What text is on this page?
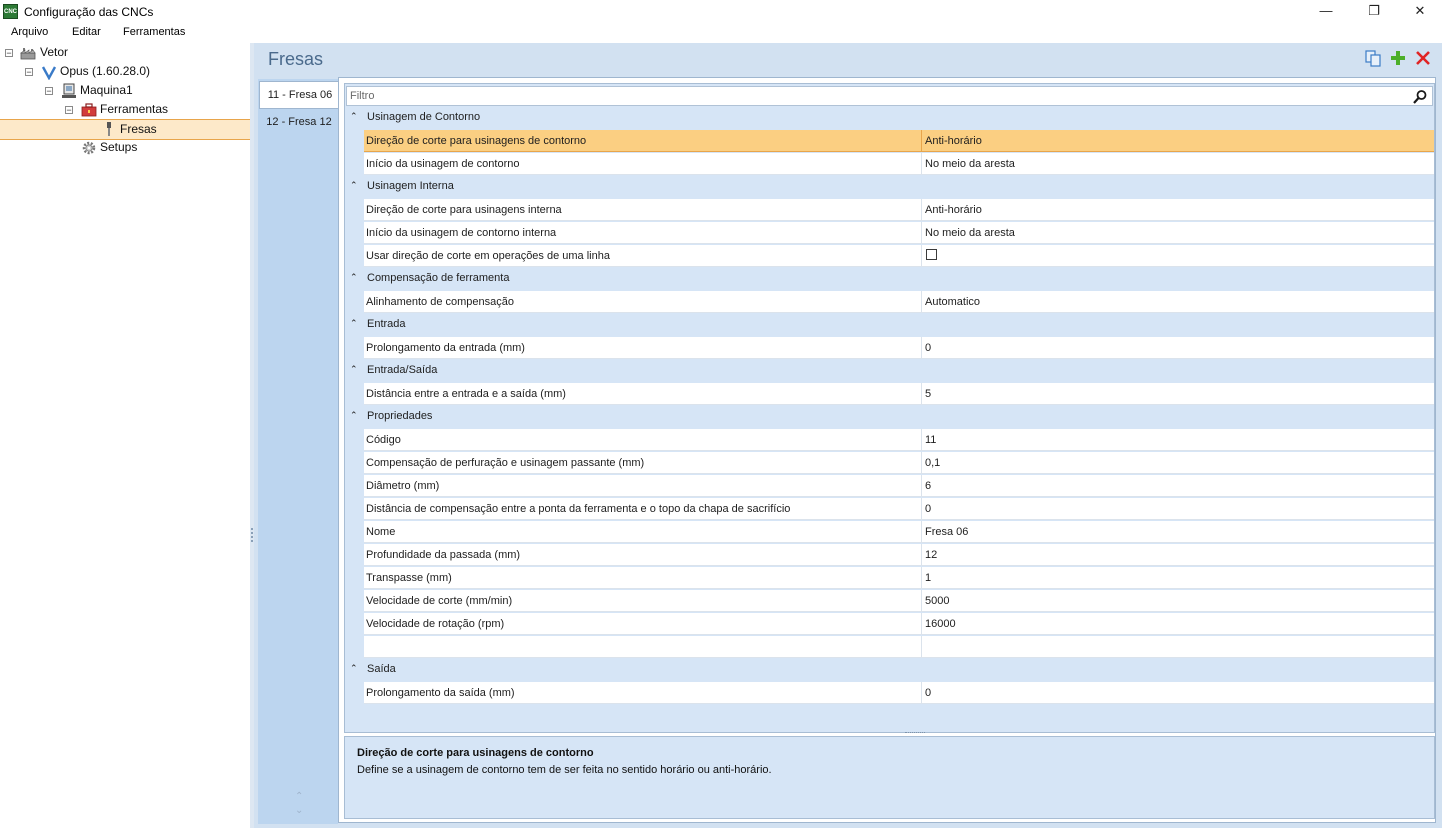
CNC Configuração das CNCs	—	❐	✕
Arquivo Editar Ferramentas
− Vetor
− Opus (1.60.28.0)
− Maquina1
− Ferramentas
Fresas
Setups
Fresas
11 - Fresa 06
12 - Fresa 12
⌃
⌄
Filtro
⌃ Usinagem de Contorno
Direção de corte para usinagens de contorno	Anti-horário
Início da usinagem de contorno	No meio da aresta
⌃ Usinagem Interna
Direção de corte para usinagens interna	Anti-horário
Início da usinagem de contorno interna	No meio da aresta
Usar direção de corte em operações de uma linha
⌃ Compensação de ferramenta
Alinhamento de compensação	Automatico
⌃ Entrada
Prolongamento da entrada (mm)	0
⌃ Entrada/Saída
Distância entre a entrada e a saída (mm)	5
⌃ Propriedades
Código	11
Compensação de perfuração e usinagem passante (mm)	0,1
Diâmetro (mm)	6
Distância de compensação entre a ponta da ferramenta e o topo da chapa de sacrifício	0
Nome	Fresa 06
Profundidade da passada (mm)	12
Transpasse (mm)	1
Velocidade de corte (mm/min)	5000
Velocidade de rotação (rpm)	16000
⌃ Saída
Prolongamento da saída (mm)	0
Direção de corte para usinagens de contorno
Define se a usinagem de contorno tem de ser feita no sentido horário ou anti-horário.
